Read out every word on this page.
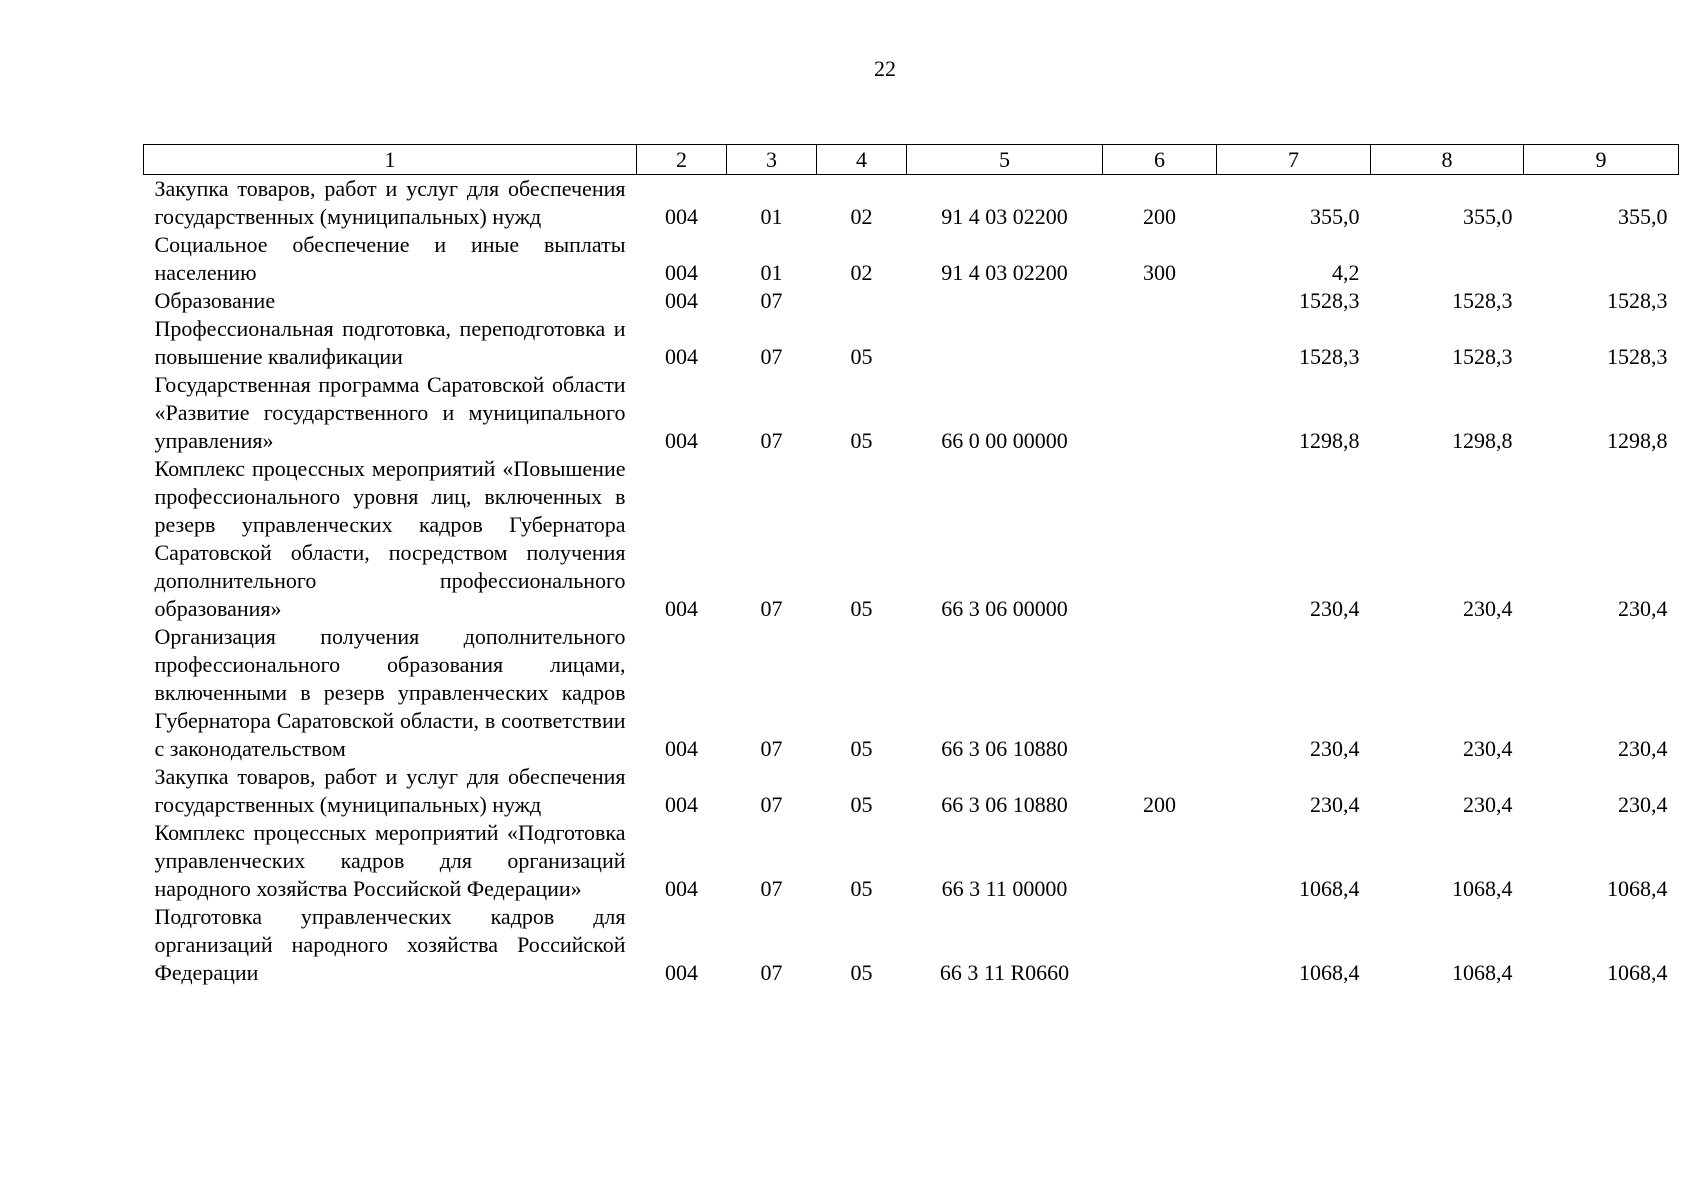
22
1	2	3	4	5	6	7	8	9
Закупка товаров, работ и услуг для обеспечения государственных (муниципальных) нужд	004	01	02	91 4 03 02200	200	355,0	355,0	355,0
Социальное обеспечение и иные выплаты населению	004	01	02	91 4 03 02200	300	4,2		
Образование	004	07				1528,3	1528,3	1528,3
Профессиональная подготовка, переподготовка и повышение квалификации	004	07	05			1528,3	1528,3	1528,3
Государственная программа Саратовской области «Развитие государственного и муниципального управления»	004	07	05	66 0 00 00000		1298,8	1298,8	1298,8
Комплекс процессных мероприятий «Повышение профессионального уровня лиц, включенных в резерв управленческих кадров Губернатора Саратовской области, посредством получения дополнительного профессионального образования»	004	07	05	66 3 06 00000		230,4	230,4	230,4
Организация получения дополнительного профессионального образования лицами, включенными в резерв управленческих кадров Губернатора Саратовской области, в соответствии с законодательством	004	07	05	66 3 06 10880		230,4	230,4	230,4
Закупка товаров, работ и услуг для обеспечения государственных (муниципальных) нужд	004	07	05	66 3 06 10880	200	230,4	230,4	230,4
Комплекс процессных мероприятий «Подготовка управленческих кадров для организаций народного хозяйства Российской Федерации»	004	07	05	66 3 11 00000		1068,4	1068,4	1068,4
Подготовка управленческих кадров для организаций народного хозяйства Российской Федерации	004	07	05	66 3 11 R0660		1068,4	1068,4	1068,4
